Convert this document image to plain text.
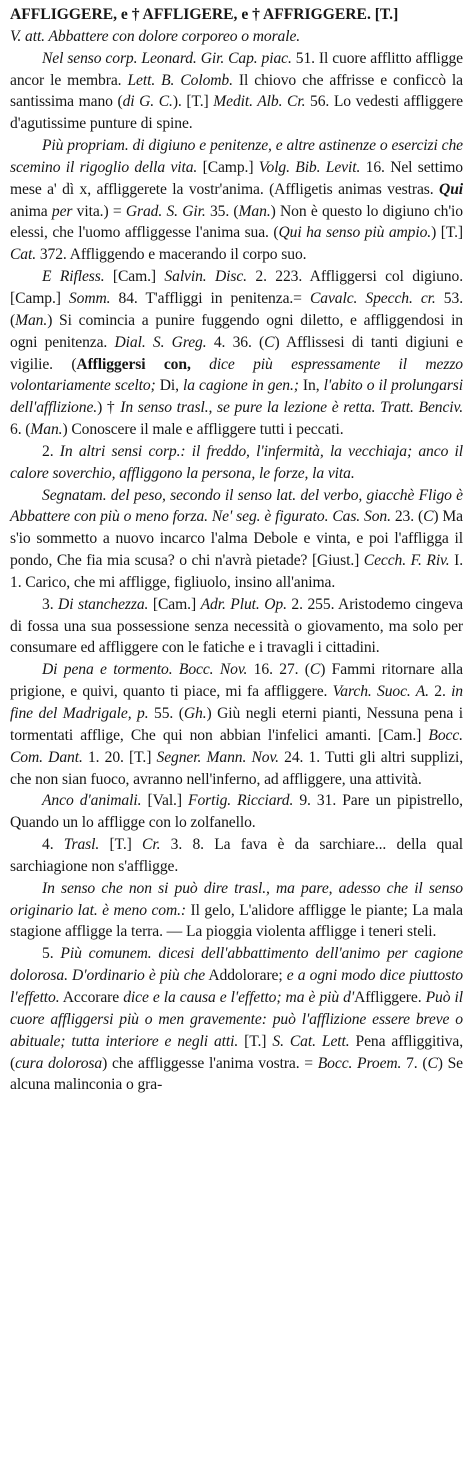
AFFLIGGERE, e † AFFLIGERE, e † AFFRIGGERE. [T.]

V. att. Abbattere con dolore corporeo o morale.

Nel senso corp. Leonard. Gir. Cap. piac. 51. Il cuore afflitto affligge ancor le membra. Lett. B. Colomb. Il chiovo che affrisse e conficcò la santissima mano (di G. C.). [T.] Medit. Alb. Cr. 56. Lo vedesti affliggere d'agutissime punture di spine.

Più propriam. di digiuno e penitenze, e altre astinenze o esercizi che scemino il rigoglio della vita. [Camp.] Volg. Bib. Levit. 16. Nel settimo mese a' dì x, affliggerete la vostr'anima. (Affligetis animas vestras. Qui anima per vita.) = Grad. S. Gir. 35. (Man.) Non è questo lo digiuno ch'io elessi, che l'uomo affliggesse l'anima sua. (Qui ha senso più ampio.) [T.] Cat. 372. Affliggendo e macerando il corpo suo.

E Rifless. [Cam.] Salvin. Disc. 2. 223. Affliggersi col digiuno. [Camp.] Somm. 84. T'affliggi in penitenza.= Cavalc. Specch. cr. 53. (Man.) Si comincia a punire fuggendo ogni diletto, e affliggendosi in ogni penitenza. Dial. S. Greg. 4. 36. (C) Afflissesi di tanti digiuni e vigilie. (Affliggersi con, dice più espressamente il mezzo volontariamente scelto; Di, la cagione in gen.; In, l'abito o il prolungarsi dell'afflizione.) † In senso trasl., se pure la lezione è retta. Tratt. Benciv. 6. (Man.) Conoscere il male e affliggere tutti i peccati.

2. In altri sensi corp.: il freddo, l'infermità, la vecchiaja; anco il calore soverchio, affliggono la persona, le forze, la vita.

Segnatam. del peso, secondo il senso lat. del verbo, giacchè Fligo è Abbattere con più o meno forza. Ne' seg. è figurato. Cas. Son. 23. (C) Ma s'io sommetto a nuovo incarco l'alma Debole e vinta, e poi l'affligga il pondo, Che fia mia scusa? o chi n'avrà pietade? [Giust.] Cecch. F. Riv. I. 1. Carico, che mi affligge, figliuolo, insino all'anima.

3. Di stanchezza. [Cam.] Adr. Plut. Op. 2. 255. Aristodemo cingeva di fossa una sua possessione senza necessità o giovamento, ma solo per consumare ed affliggere con le fatiche e i travagli i cittadini.

Di pena e tormento. Bocc. Nov. 16. 27. (C) Fammi ritornare alla prigione, e quivi, quanto ti piace, mi fa affliggere. Varch. Suoc. A. 2. in fine del Madrigale, p. 55. (Gh.) Giù negli eterni pianti, Nessuna pena i tormentati afflige, Che qui non abbian l'infelici amanti. [Cam.] Bocc. Com. Dant. 1. 20. [T.] Segner. Mann. Nov. 24. 1. Tutti gli altri supplizi, che non sian fuoco, avranno nell'inferno, ad affliggere, una attività.

Anco d'animali. [Val.] Fortig. Ricciard. 9. 31. Pare un pipistrello, Quando un lo affligge con lo zolfanello.

4. Trasl. [T.] Cr. 3. 8. La fava è da sarchiare... della qual sarchiagione non s'affligge.

In senso che non si può dire trasl., ma pare, adesso che il senso originario lat. è meno com.: Il gelo, L'alidore affligge le piante; La mala stagione affligge la terra. — La pioggia violenta affligge i teneri steli.

5. Più comunem. dicesi dell'abbattimento dell'animo per cagione dolorosa. D'ordinario è più che Addolorare; e a ogni modo dice piuttosto l'effetto. Accorare dice e la causa e l'effetto; ma è più d'Affliggere. Può il cuore affliggersi più o men gravemente: può l'afflizione essere breve o abituale; tutta interiore e negli atti. [T.] S. Cat. Lett. Pena affliggitiva, (cura dolorosa) che affliggesse l'anima vostra. = Bocc. Proem. 7. (C) Se alcuna malinconia o gra-
